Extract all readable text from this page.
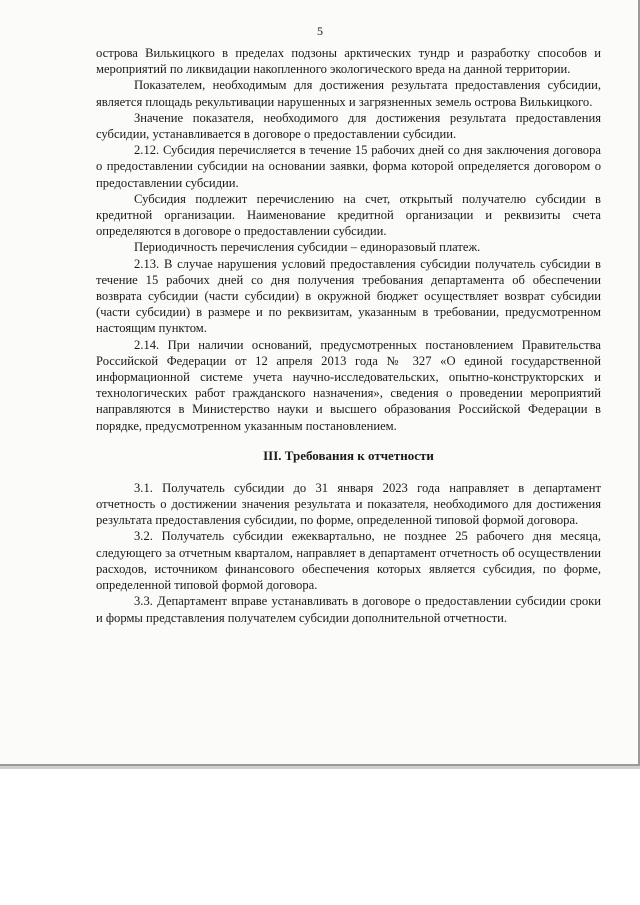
5

острова Вилькицкого в пределах подзоны арктических тундр и разработку способов и мероприятий по ликвидации накопленного экологического вреда на данной территории.

Показателем, необходимым для достижения результата предоставления субсидии, является площадь рекультивации нарушенных и загрязненных земель острова Вилькицкого.

Значение показателя, необходимого для достижения результата предоставления субсидии, устанавливается в договоре о предоставлении субсидии.

2.12. Субсидия перечисляется в течение 15 рабочих дней со дня заключения договора о предоставлении субсидии на основании заявки, форма которой определяется договором о предоставлении субсидии.

Субсидия подлежит перечислению на счет, открытый получателю субсидии в кредитной организации. Наименование кредитной организации и реквизиты счета определяются в договоре о предоставлении субсидии.

Периодичность перечисления субсидии – единоразовый платеж.

2.13. В случае нарушения условий предоставления субсидии получатель субсидии в течение 15 рабочих дней со дня получения требования департамента об обеспечении возврата субсидии (части субсидии) в окружной бюджет осуществляет возврат субсидии (части субсидии) в размере и по реквизитам, указанным в требовании, предусмотренном настоящим пунктом.

2.14. При наличии оснований, предусмотренных постановлением Правительства Российской Федерации от 12 апреля 2013 года № 327 «О единой государственной информационной системе учета научно-исследовательских, опытно-конструкторских и технологических работ гражданского назначения», сведения о проведении мероприятий направляются в Министерство науки и высшего образования Российской Федерации в порядке, предусмотренном указанным постановлением.

III. Требования к отчетности

3.1. Получатель субсидии до 31 января 2023 года направляет в департамент отчетность о достижении значения результата и показателя, необходимого для достижения результата предоставления субсидии, по форме, определенной типовой формой договора.

3.2. Получатель субсидии ежеквартально, не позднее 25 рабочего дня месяца, следующего за отчетным кварталом, направляет в департамент отчетность об осуществлении расходов, источником финансового обеспечения которых является субсидия, по форме, определенной типовой формой договора.

3.3. Департамент вправе устанавливать в договоре о предоставлении субсидии сроки и формы представления получателем субсидии дополнительной отчетности.
